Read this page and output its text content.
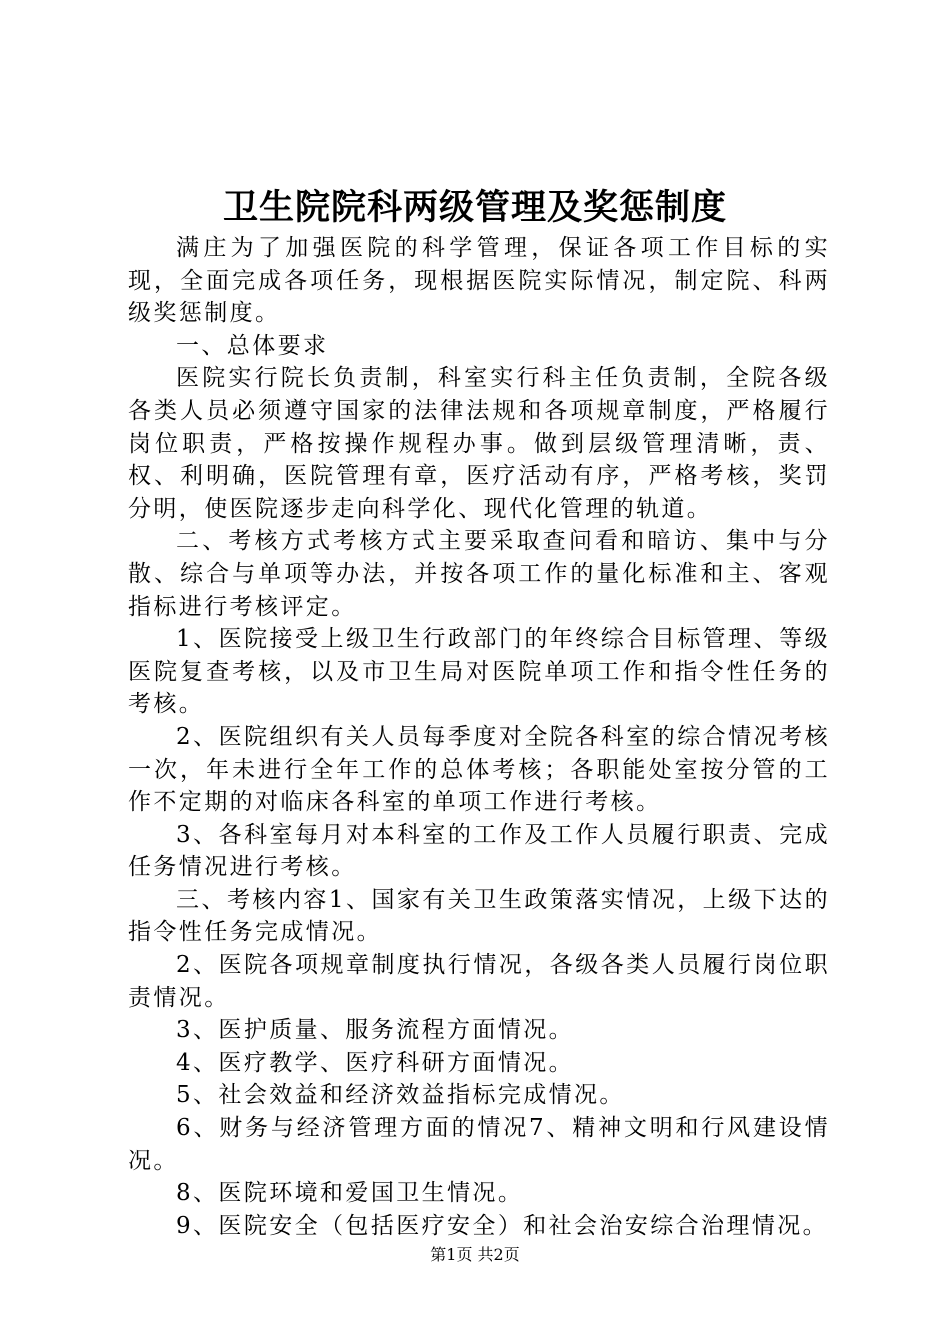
卫生院院科两级管理及奖惩制度

满庄为了加强医院的科学管理，保证各项工作目标的实现，全面完成各项任务，现根据医院实际情况，制定院、科两级奖惩制度。

一、总体要求

医院实行院长负责制，科室实行科主任负责制，全院各级各类人员必须遵守国家的法律法规和各项规章制度，严格履行岗位职责，严格按操作规程办事。做到层级管理清晰，责、权、利明确，医院管理有章，医疗活动有序，严格考核，奖罚分明，使医院逐步走向科学化、现代化管理的轨道。

二、考核方式考核方式主要采取查问看和暗访、集中与分散、综合与单项等办法，并按各项工作的量化标准和主、客观指标进行考核评定。

1、医院接受上级卫生行政部门的年终综合目标管理、等级医院复查考核，以及市卫生局对医院单项工作和指令性任务的考核。

2、医院组织有关人员每季度对全院各科室的综合情况考核一次，年未进行全年工作的总体考核；各职能处室按分管的工作不定期的对临床各科室的单项工作进行考核。

3、各科室每月对本科室的工作及工作人员履行职责、完成任务情况进行考核。

三、考核内容1、国家有关卫生政策落实情况，上级下达的指令性任务完成情况。

2、医院各项规章制度执行情况，各级各类人员履行岗位职责情况。

3、医护质量、服务流程方面情况。

4、医疗教学、医疗科研方面情况。

5、社会效益和经济效益指标完成情况。

6、财务与经济管理方面的情况7、精神文明和行风建设情况。

8、医院环境和爱国卫生情况。

9、医院安全（包括医疗安全）和社会治安综合治理情况。

第1页 共2页
